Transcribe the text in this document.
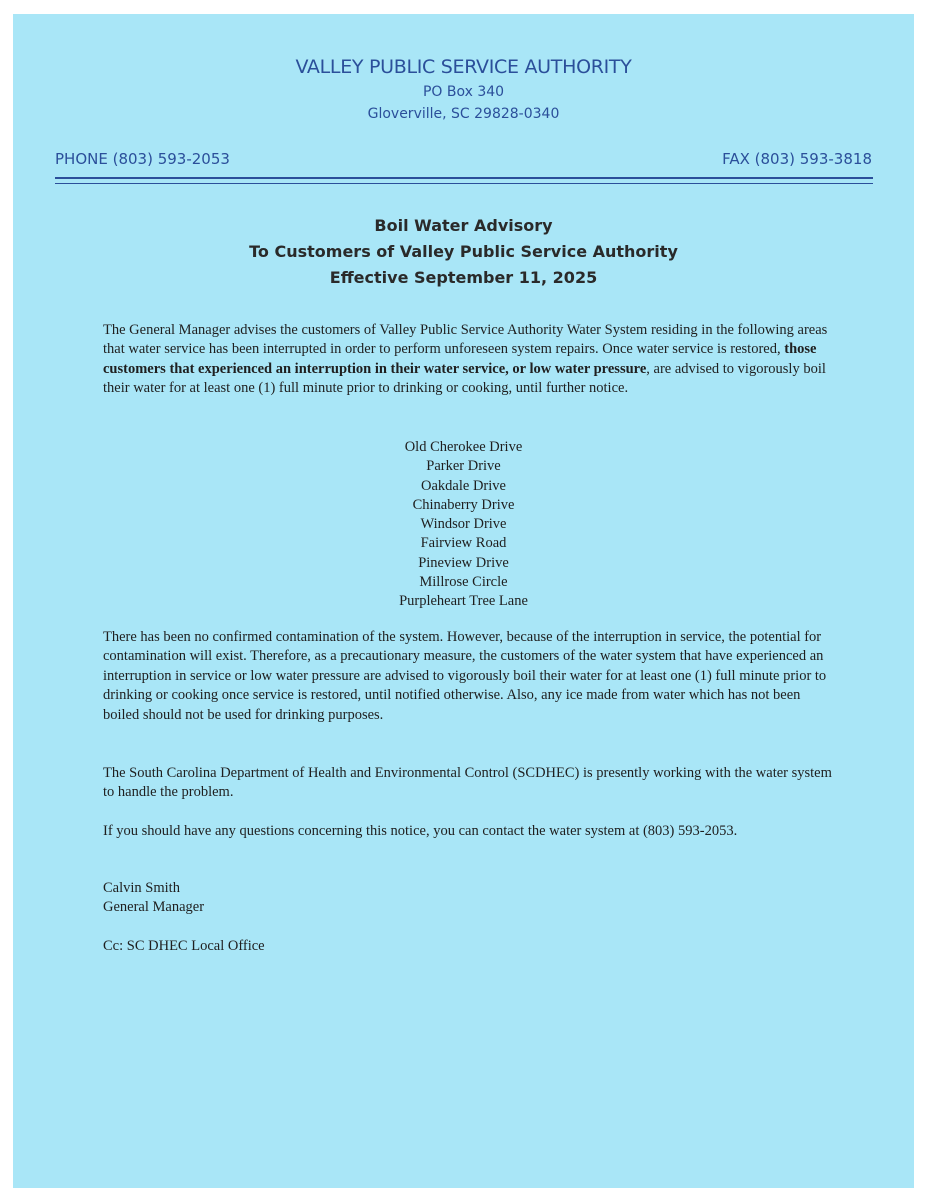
VALLEY PUBLIC SERVICE AUTHORITY
PO Box 340
Gloverville, SC 29828-0340
PHONE (803) 593-2053	FAX (803) 593-3818
Boil Water Advisory
To Customers of Valley Public Service Authority
Effective September 11, 2025
The General Manager advises the customers of Valley Public Service Authority Water System residing in the following areas that water service has been interrupted in order to perform unforeseen system repairs. Once water service is restored, those customers that experienced an interruption in their water service, or low water pressure, are advised to vigorously boil their water for at least one (1) full minute prior to drinking or cooking, until further notice.
Old Cherokee Drive
Parker Drive
Oakdale Drive
Chinaberry Drive
Windsor Drive
Fairview Road
Pineview Drive
Millrose Circle
Purpleheart Tree Lane
There has been no confirmed contamination of the system. However, because of the interruption in service, the potential for contamination will exist. Therefore, as a precautionary measure, the customers of the water system that have experienced an interruption in service or low water pressure are advised to vigorously boil their water for at least one (1) full minute prior to drinking or cooking once service is restored, until notified otherwise. Also, any ice made from water which has not been boiled should not be used for drinking purposes.
The South Carolina Department of Health and Environmental Control (SCDHEC) is presently working with the water system to handle the problem.
If you should have any questions concerning this notice, you can contact the water system at (803) 593-2053.
Calvin Smith
General Manager
Cc: SC DHEC Local Office
